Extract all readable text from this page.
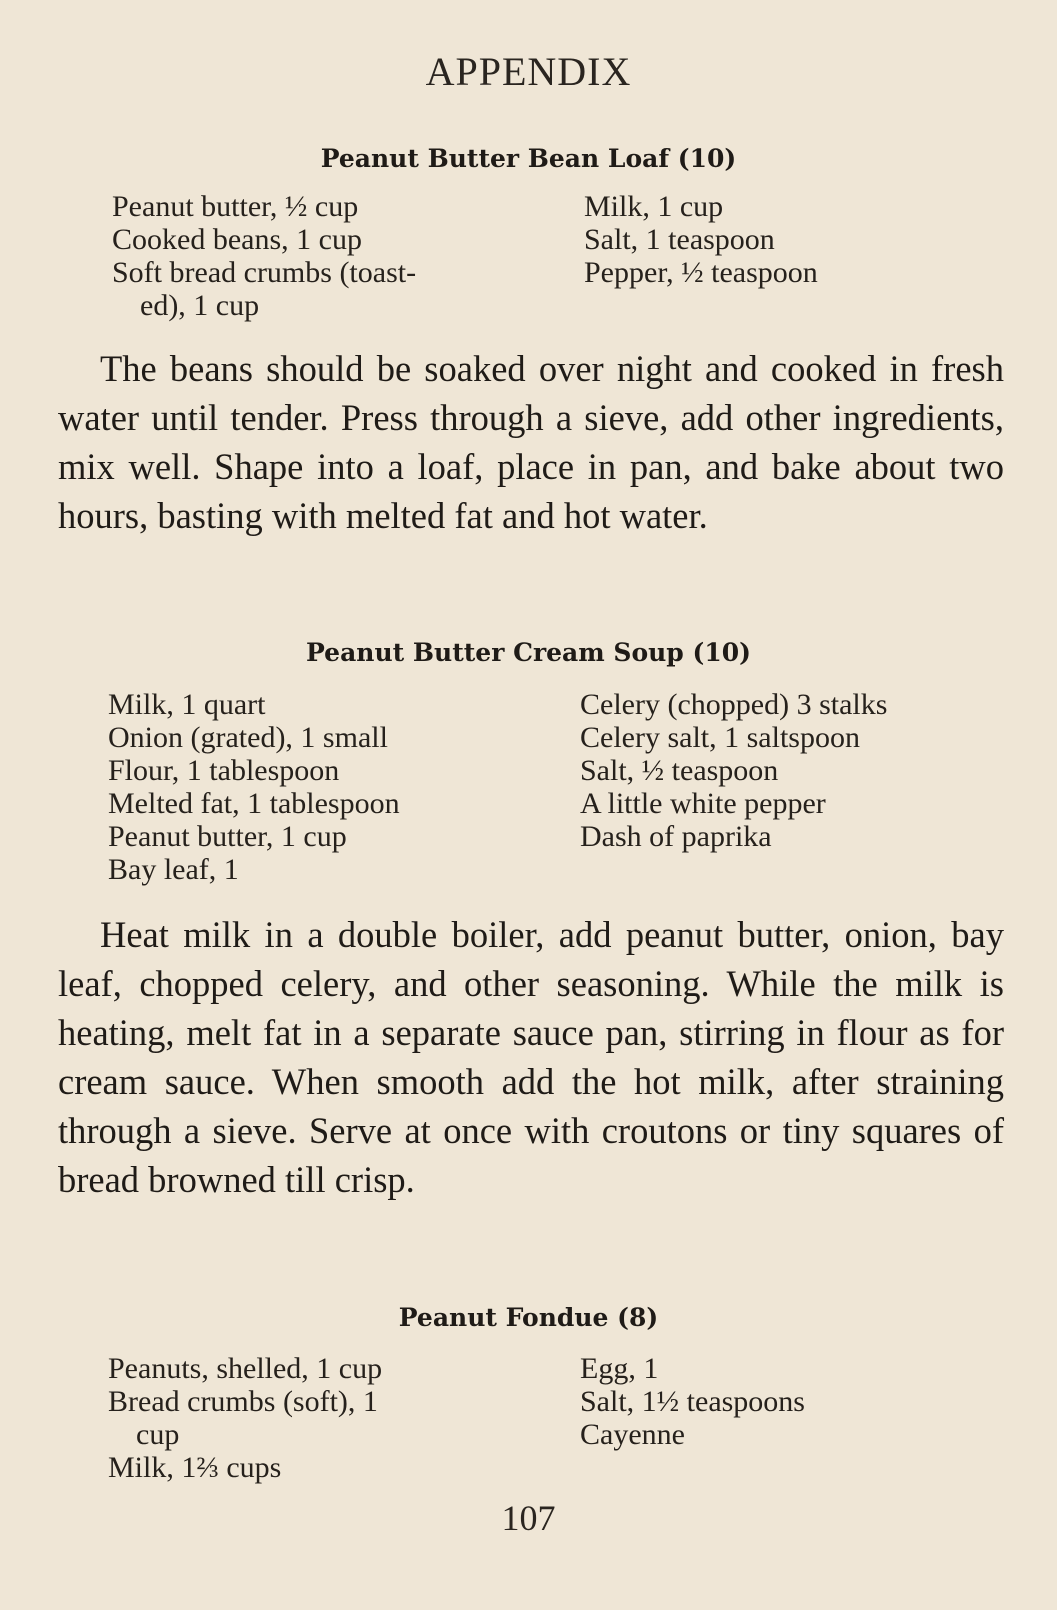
APPENDIX
Peanut Butter Bean Loaf (10)
Peanut butter, ½ cup
Cooked beans, 1 cup
Soft bread crumbs (toast-
ed), 1 cup
Milk, 1 cup
Salt, 1 teaspoon
Pepper, ½ teaspoon
The beans should be soaked over night and cooked in fresh water until tender. Press through a sieve, add other ingredients, mix well. Shape into a loaf, place in pan, and bake about two hours, basting with melted fat and hot water.
Peanut Butter Cream Soup (10)
Milk, 1 quart
Onion (grated), 1 small
Flour, 1 tablespoon
Melted fat, 1 tablespoon
Peanut butter, 1 cup
Bay leaf, 1
Celery (chopped) 3 stalks
Celery salt, 1 saltspoon
Salt, ½ teaspoon
A little white pepper
Dash of paprika
Heat milk in a double boiler, add peanut butter, onion, bay leaf, chopped celery, and other seasoning. While the milk is heating, melt fat in a separate sauce pan, stirring in flour as for cream sauce. When smooth add the hot milk, after straining through a sieve. Serve at once with croutons or tiny squares of bread browned till crisp.
Peanut Fondue (8)
Peanuts, shelled, 1 cup
Bread crumbs (soft), 1
cup
Milk, 1⅔ cups
Egg, 1
Salt, 1½ teaspoons
Cayenne
107
